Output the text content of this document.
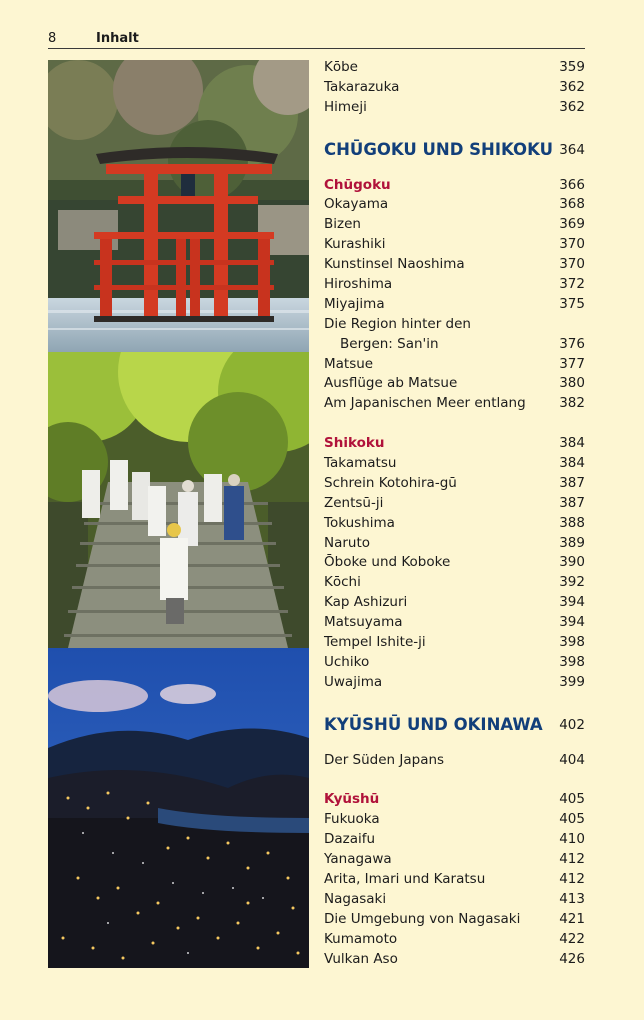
8	Inhalt
Kōbe	359
Takarazuka	362
Himeji	362
CHŪGOKU UND SHIKOKU 364
Chūgoku	366
Okayama	368
Bizen	369
Kurashiki	370
Kunstinsel Naoshima	370
Hiroshima	372
Miyajima	375
Die Region hinter den
Bergen: San'in	376
Matsue	377
Ausflüge ab Matsue	380
Am Japanischen Meer entlang 382
Shikoku	384
Takamatsu	384
Schrein Kotohira-gū	387
Zentsū-ji	387
Tokushima	388
Naruto	389
Ōboke und Koboke	390
Kōchi	392
Kap Ashizuri	394
Matsuyama	394
Tempel Ishite-ji	398
Uchiko	398
Uwajima	399
KYŪSHŪ UND OKINAWA 402
Der Süden Japans	404
Kyūshū	405
Fukuoka	405
Dazaifu	410
Yanagawa	412
Arita, Imari und Karatsu	412
Nagasaki	413
Die Umgebung von Nagasaki	421
Kumamoto	422
Vulkan Aso	426
